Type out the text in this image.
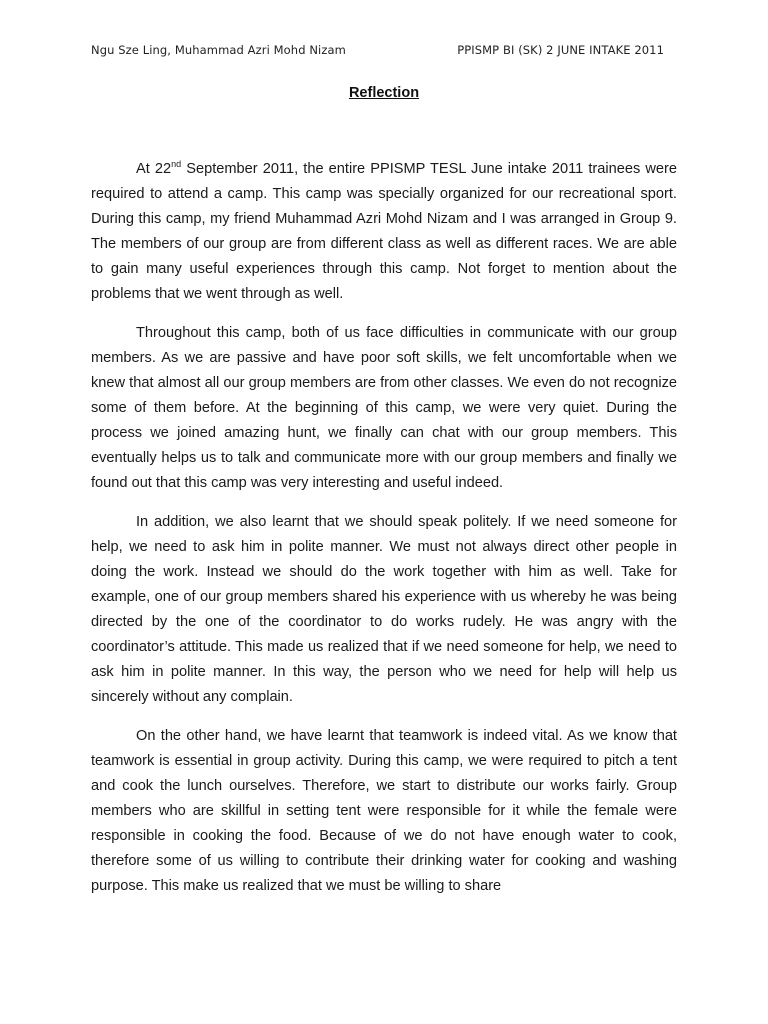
Ngu Sze Ling, Muhammad Azri Mohd Nizam	PPISMP BI (SK) 2 JUNE INTAKE 2011
Reflection

At 22nd September 2011, the entire PPISMP TESL June intake 2011 trainees were required to attend a camp. This camp was specially organized for our recreational sport. During this camp, my friend Muhammad Azri Mohd Nizam and I was arranged in Group 9. The members of our group are from different class as well as different races. We are able to gain many useful experiences through this camp. Not forget to mention about the problems that we went through as well.

Throughout this camp, both of us face difficulties in communicate with our group members. As we are passive and have poor soft skills, we felt uncomfortable when we knew that almost all our group members are from other classes. We even do not recognize some of them before. At the beginning of this camp, we were very quiet. During the process we joined amazing hunt, we finally can chat with our group members. This eventually helps us to talk and communicate more with our group members and finally we found out that this camp was very interesting and useful indeed.

In addition, we also learnt that we should speak politely. If we need someone for help, we need to ask him in polite manner. We must not always direct other people in doing the work. Instead we should do the work together with him as well. Take for example, one of our group members shared his experience with us whereby he was being directed by the one of the coordinator to do works rudely. He was angry with the coordinator’s attitude. This made us realized that if we need someone for help, we need to ask him in polite manner. In this way, the person who we need for help will help us sincerely without any complain.

On the other hand, we have learnt that teamwork is indeed vital. As we know that teamwork is essential in group activity. During this camp, we were required to pitch a tent and cook the lunch ourselves. Therefore, we start to distribute our works fairly. Group members who are skillful in setting tent were responsible for it while the female were responsible in cooking the food. Because of we do not have enough water to cook, therefore some of us willing to contribute their drinking water for cooking and washing purpose. This make us realized that we must be willing to share
